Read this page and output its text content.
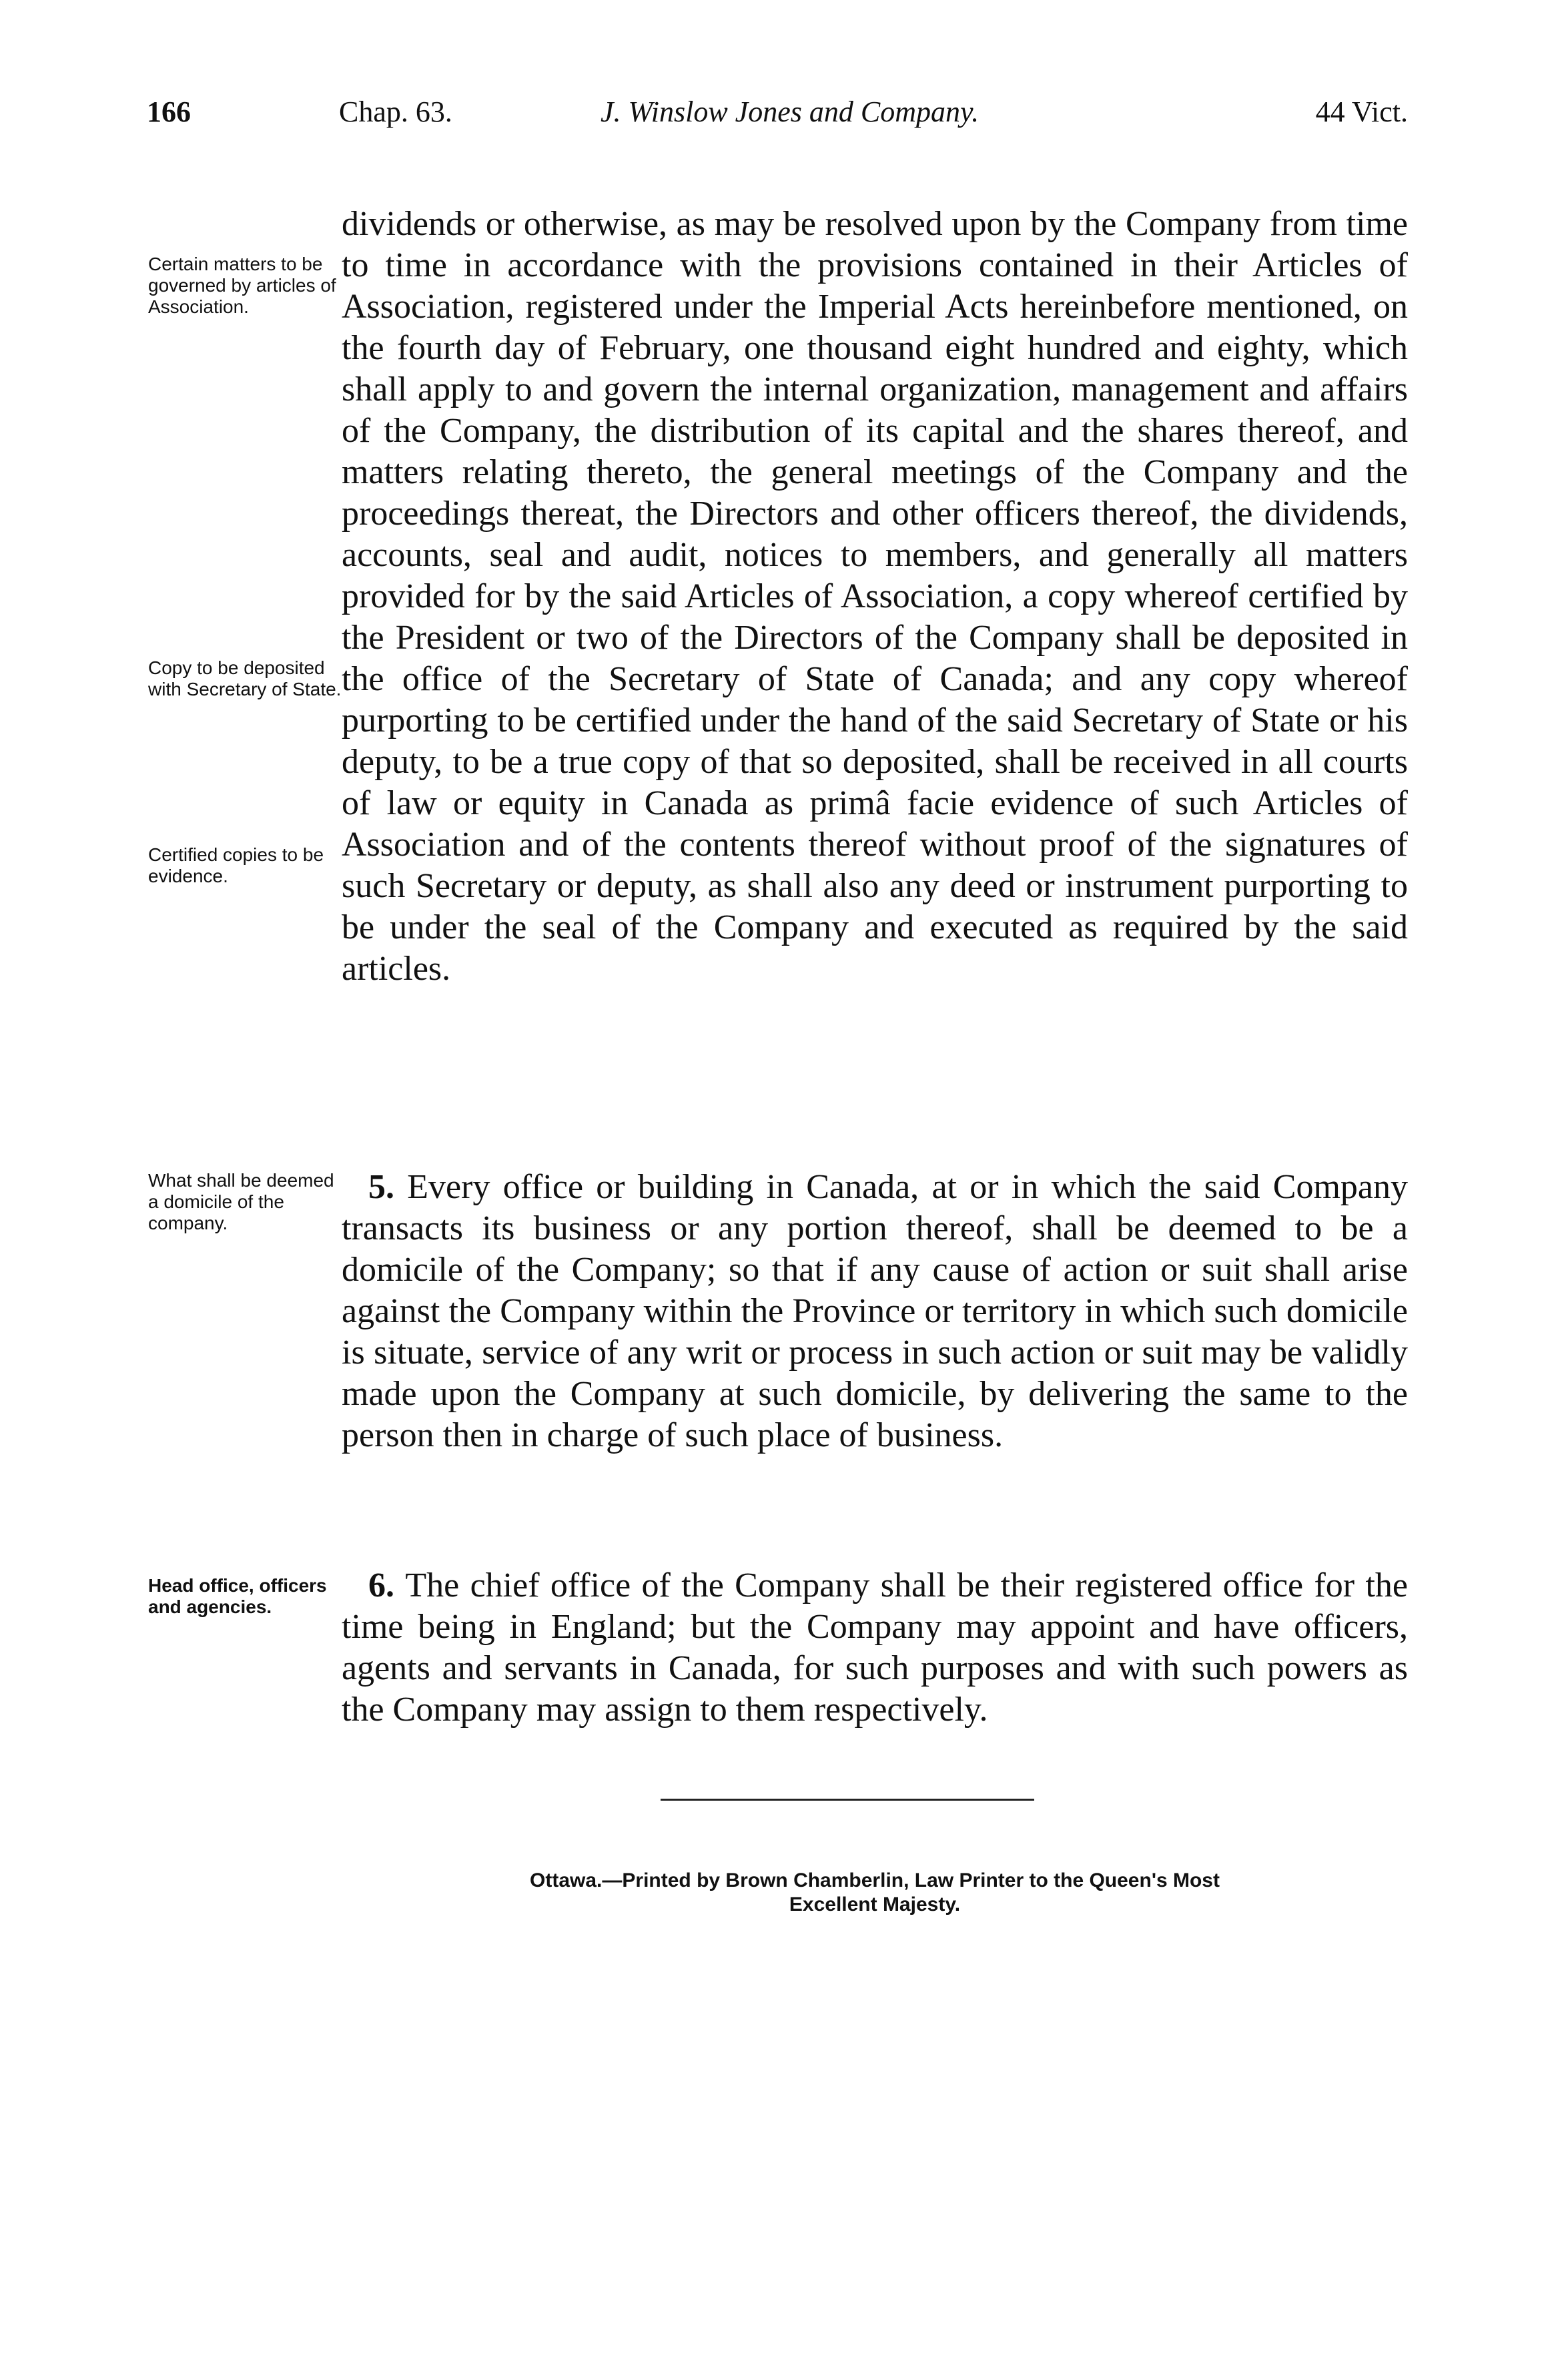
166	Chap. 63.	J. Winslow Jones and Company.	44 Vict.
Certain matters to be governed by articles of Association.
Copy to be deposited with Secretary of State.
Certified copies to be evidence.
What shall be deemed a domicile of the company.
Head office, officers and agencies.

dividends or otherwise, as may be resolved upon by the Company from time to time in accordance with the provisions contained in their Articles of Association, registered under the Imperial Acts hereinbefore mentioned, on the fourth day of February, one thousand eight hundred and eighty, which shall apply to and govern the internal organization, management and affairs of the Company, the distribution of its capital and the shares thereof, and matters relating thereto, the general meetings of the Company and the proceedings thereat, the Directors and other officers thereof, the dividends, accounts, seal and audit, notices to members, and generally all matters provided for by the said Articles of Association, a copy whereof certified by the President or two of the Directors of the Company shall be deposited in the office of the Secretary of State of Canada; and any copy whereof purporting to be certified under the hand of the said Secretary of State or his deputy, to be a true copy of that so deposited, shall be received in all courts of law or equity in Canada as primâ facie evidence of such Articles of Association and of the contents thereof without proof of the signatures of such Secretary or deputy, as shall also any deed or instrument purporting to be under the seal of the Company and executed as required by the said articles.

5. Every office or building in Canada, at or in which the said Company transacts its business or any portion thereof, shall be deemed to be a domicile of the Company; so that if any cause of action or suit shall arise against the Company within the Province or territory in which such domicile is situate, service of any writ or process in such action or suit may be validly made upon the Company at such domicile, by delivering the same to the person then in charge of such place of business.

6. The chief office of the Company shall be their registered office for the time being in England; but the Company may appoint and have officers, agents and servants in Canada, for such purposes and with such powers as the Company may assign to them respectively.

Ottawa.—Printed by Brown Chamberlin, Law Printer to the Queen's Most

Excellent Majesty.
